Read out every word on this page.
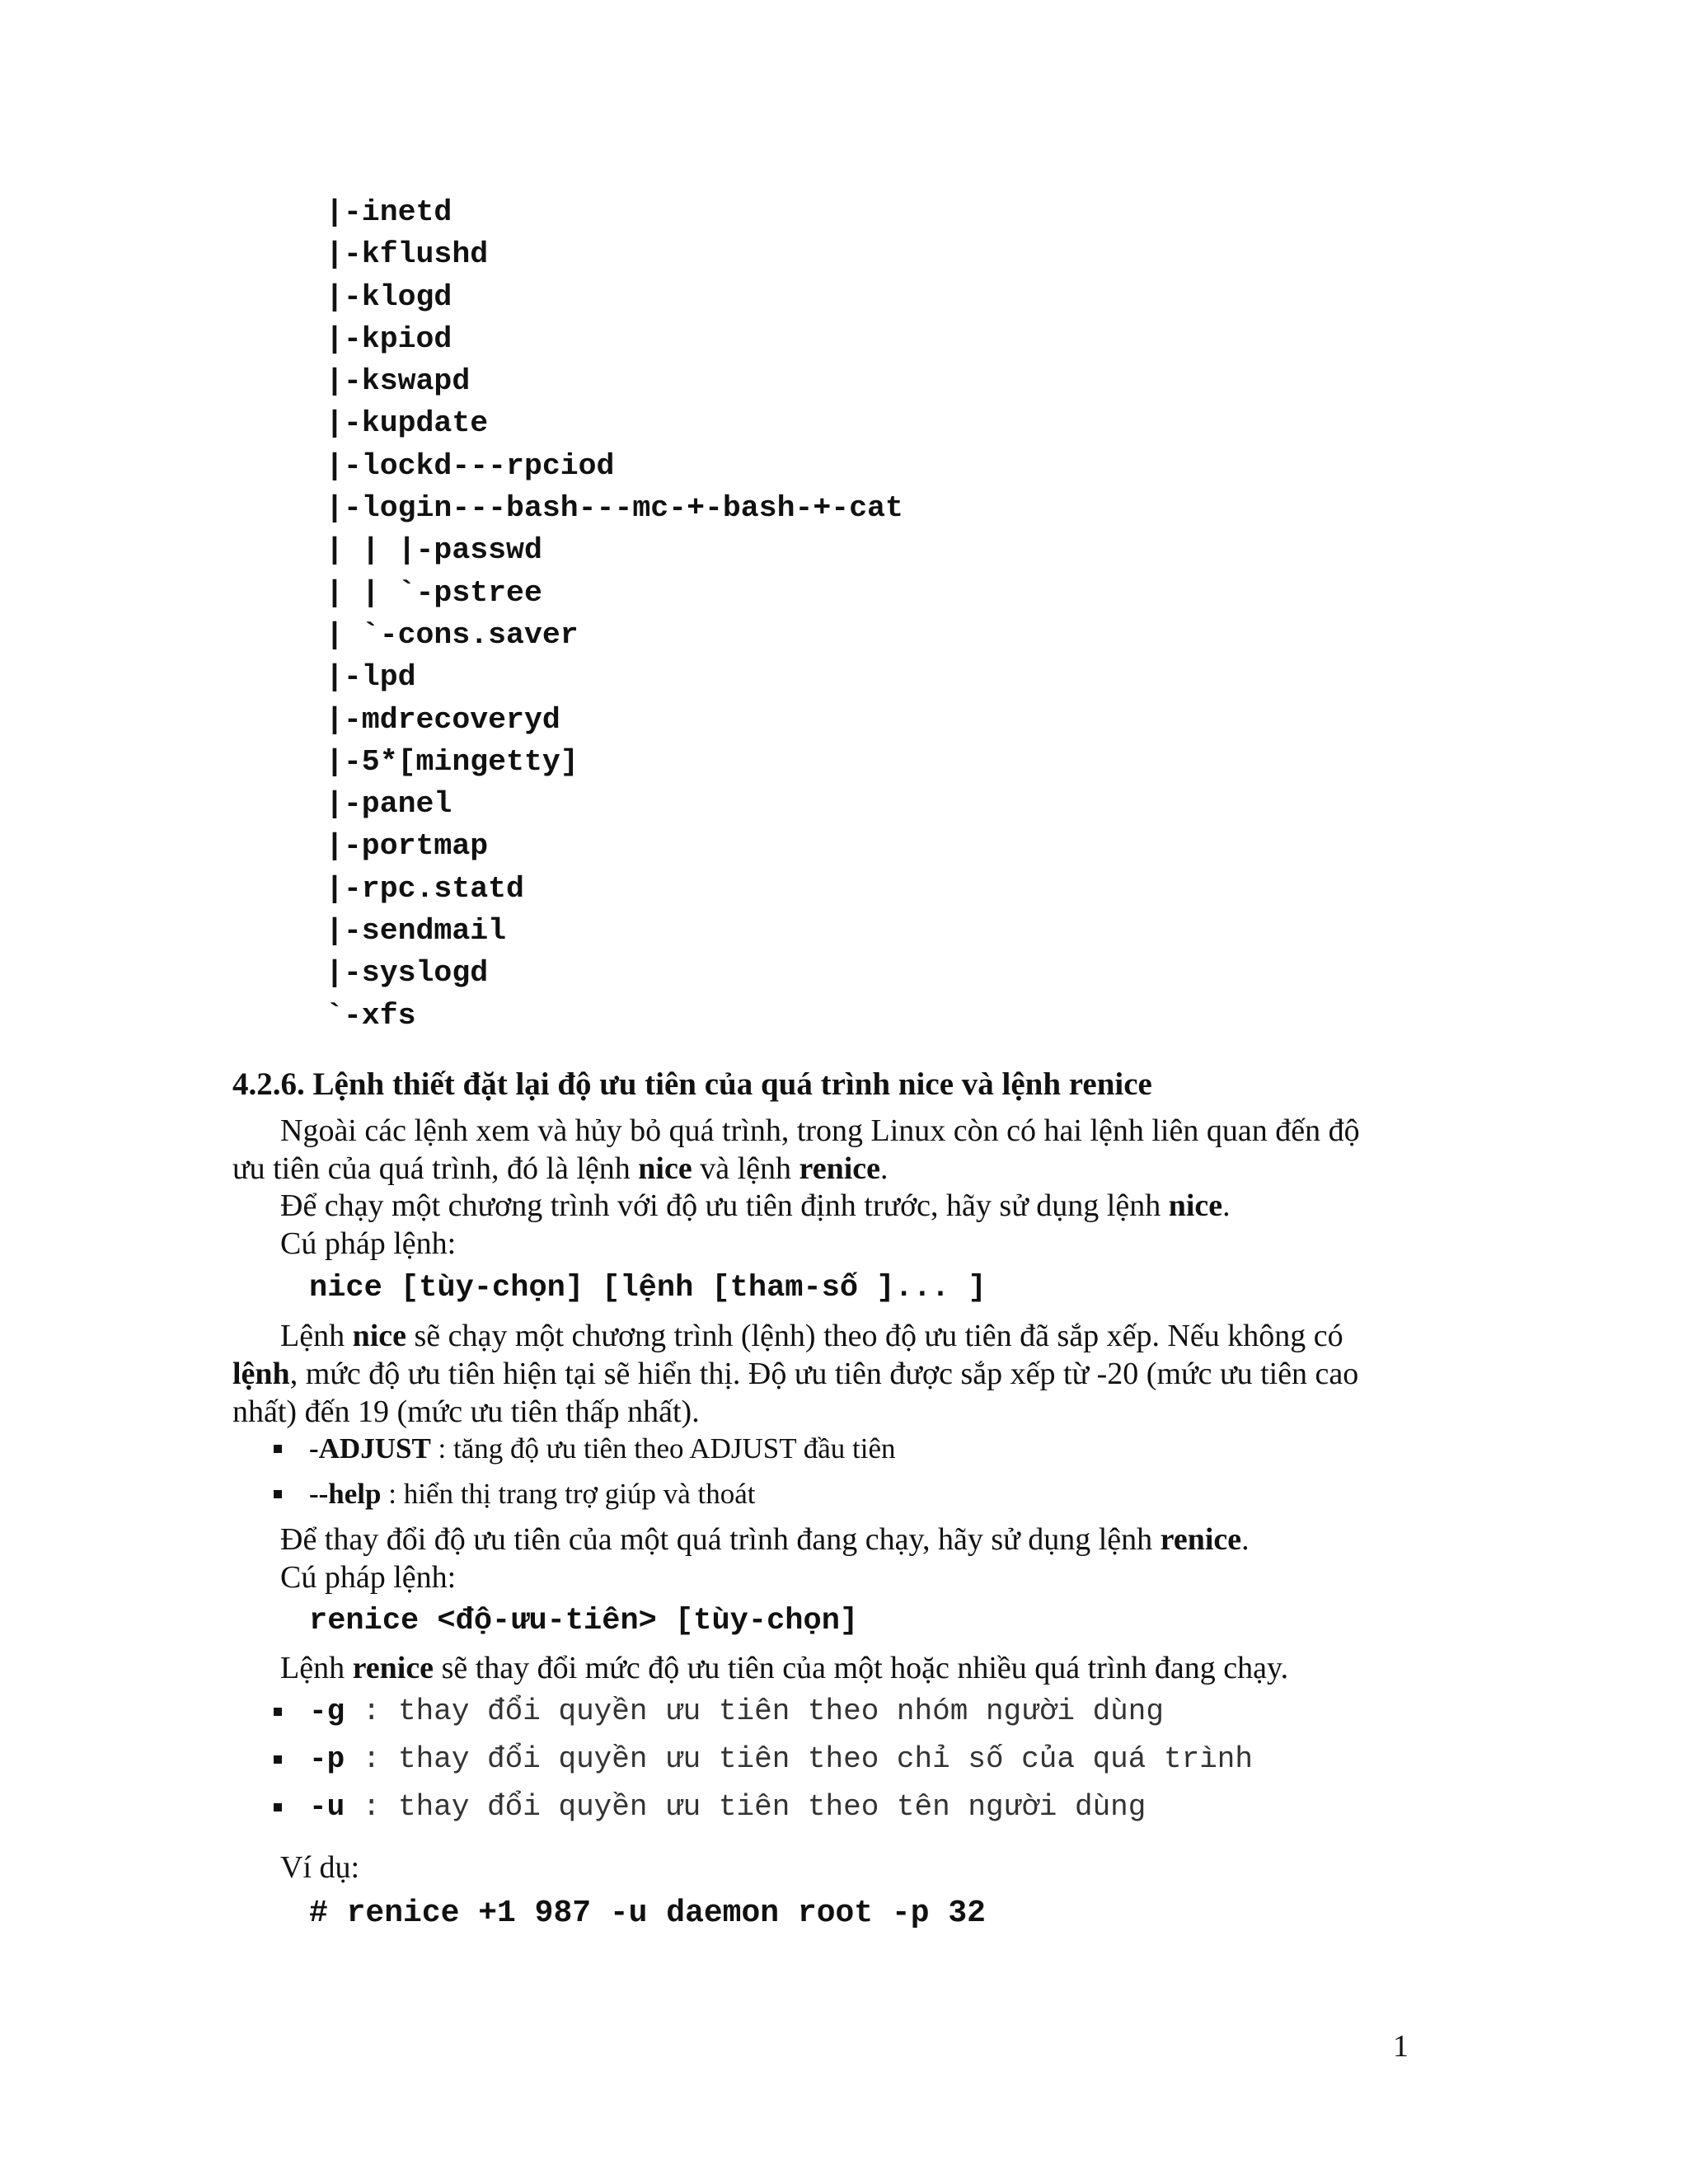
|-inetd
|-kflushd
|-klogd
|-kpiod
|-kswapd
|-kupdate
|-lockd---rpciod
|-login---bash---mc-+-bash-+-cat
| | |-passwd
| | `-pstree
| `-cons.saver
|-lpd
|-mdrecoveryd
|-5*[mingetty]
|-panel
|-portmap
|-rpc.statd
|-sendmail
|-syslogd
`-xfs
4.2.6. Lệnh thiết đặt lại độ ưu tiên của quá trình nice và lệnh renice
Ngoài các lệnh xem và hủy bỏ quá trình, trong Linux còn có hai lệnh liên quan đến độ
ưu tiên của quá trình, đó là lệnh nice và lệnh renice.
Để chạy một chương trình với độ ưu tiên định trước, hãy sử dụng lệnh nice.
Cú pháp lệnh:
nice [tùy-chọn] [lệnh [tham-số ]... ]
Lệnh nice sẽ chạy một chương trình (lệnh) theo độ ưu tiên đã sắp xếp. Nếu không có
lệnh, mức độ ưu tiên hiện tại sẽ hiển thị. Độ ưu tiên được sắp xếp từ -20 (mức ưu tiên cao
nhất) đến 19 (mức ưu tiên thấp nhất).
-ADJUST : tăng độ ưu tiên theo ADJUST đầu tiên
--help : hiển thị trang trợ giúp và thoát
Để thay đổi độ ưu tiên của một quá trình đang chạy, hãy sử dụng lệnh renice.
Cú pháp lệnh:
renice <độ-ưu-tiên> [tùy-chọn]
Lệnh renice sẽ thay đổi mức độ ưu tiên của một hoặc nhiều quá trình đang chạy.
-g : thay đổi quyền ưu tiên theo nhóm người dùng
-p : thay đổi quyền ưu tiên theo chỉ số của quá trình
-u : thay đổi quyền ưu tiên theo tên người dùng
Ví dụ:
# renice +1 987 -u daemon root -p 32
1
